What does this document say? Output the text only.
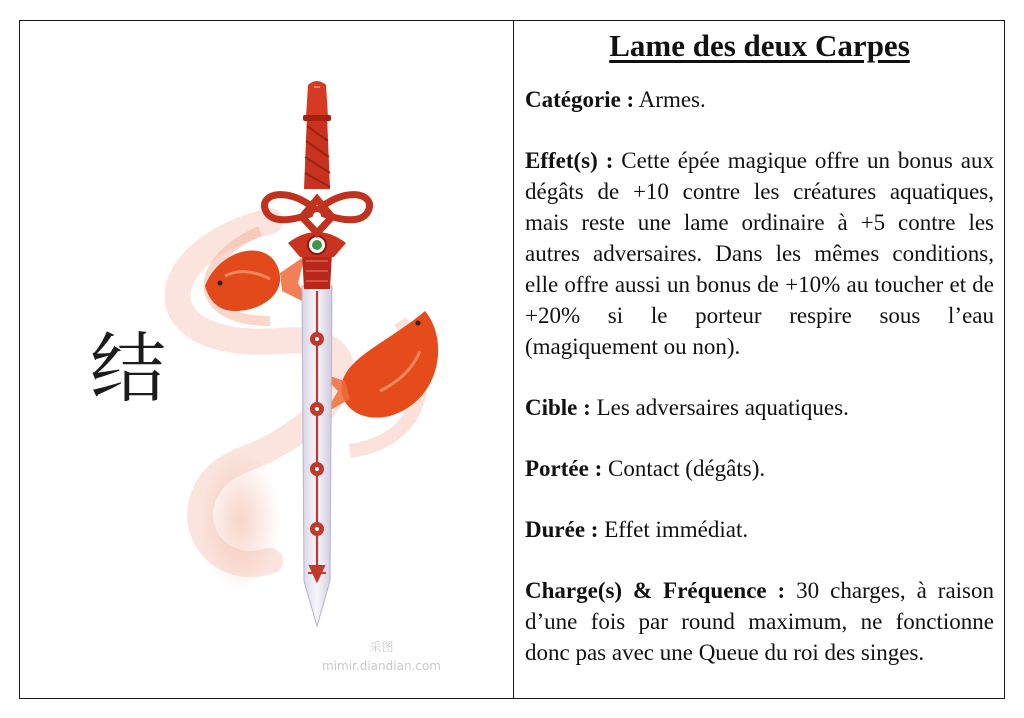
结
采图
mimir.diandian.com
Lame des deux Carpes

Catégorie : Armes.

Effet(s) : Cette épée magique offre un bonus aux dégâts de +10 contre les créatures aquatiques, mais reste une lame ordinaire à +5 contre les autres adversaires. Dans les mêmes conditions, elle offre aussi un bonus de +10% au toucher et de +20% si le porteur respire sous l’eau (magiquement ou non).

Cible : Les adversaires aquatiques.

Portée : Contact (dégâts).

Durée : Effet immédiat.

Charge(s) & Fréquence : 30 charges, à raison d’une fois par round maximum, ne fonctionne donc pas avec une Queue du roi des singes.
